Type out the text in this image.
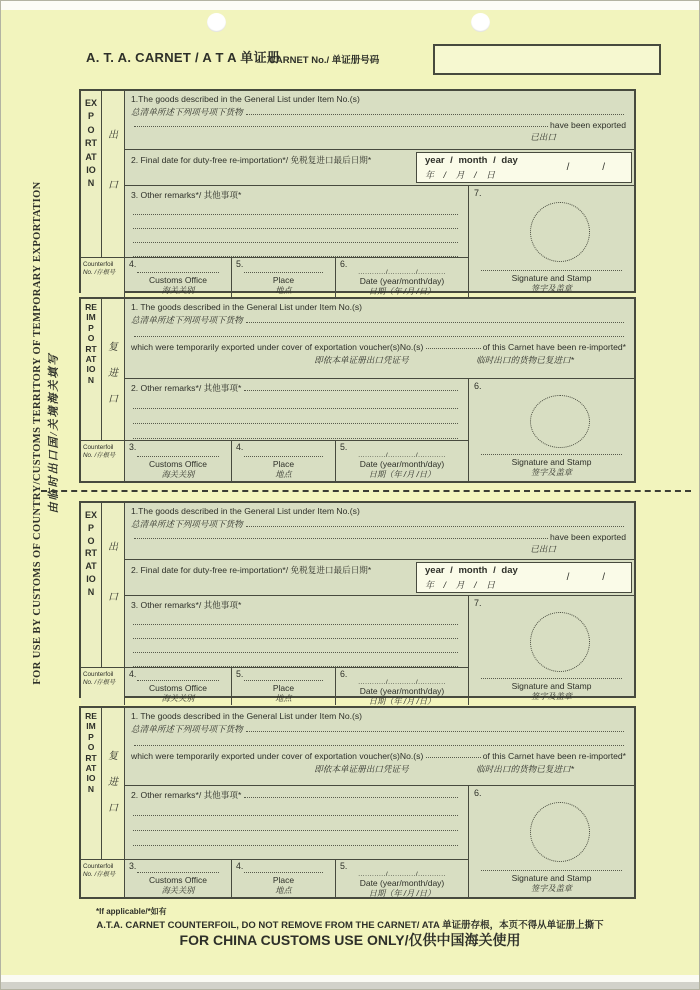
A. T. A. CARNET / A T A 单证册
CARNET No./ 单证册号码
FOR USE BY CUSTOMS OF COUNTRY/CUSTOMS TERRITORY OF TEMPORARY EXPORTATION 由临时出口国/关境海关填写
EXPORTATION
出口
1.The goods described in the General List under Item No.(s)
总清单所述下列项号项下货物
have been exported
已出口
2. Final date for duty-free re-importation*/ 免税复进口最后日期*	year / month / day
年 / 月 / 日
/ /
3. Other remarks*/ 其他事项*	7.
Signature and Stamp
签字及盖章
Counterfoil
No. /存根号
4.
Customs Office
海关关别
5.
Place
地点
6.
............/............/............
Date (year/month/day)
日期（年 /月 /日）
REIMPORTATION
复进口
1. The goods described in the General List under Item No.(s)
总清单所述下列项号项下货物
which were temporarily exported under cover of exportation voucher(s)No.(s)	of this Carnet have been re-imported*
即依本单证册出口凭证号	临时出口的货物已复进口*
2. Other remarks*/ 其他事项*	6.
Signature and Stamp
签字及盖章
Counterfoil
No. /存根号
3.
Customs Office
海关关别
4.
Place
地点
5.
............/............/............
Date (year/month/day)
日期（年 /月 /日）
EXPORTATION
出口
1.The goods described in the General List under Item No.(s)
总清单所述下列项号项下货物
have been exported
已出口
2. Final date for duty-free re-importation*/ 免税复进口最后日期*	year / month / day
年 / 月 / 日
/ /
3. Other remarks*/ 其他事项*	7.
Signature and Stamp
签字及盖章
Counterfoil
No. /存根号
4.
Customs Office
海关关别
5.
Place
地点
6.
............/............/............
Date (year/month/day)
日期（年 /月 /日）
REIMPORTATION
复进口
1. The goods described in the General List under Item No.(s)
总清单所述下列项号项下货物
which were temporarily exported under cover of exportation voucher(s)No.(s)	of this Carnet have been re-imported*
即依本单证册出口凭证号	临时出口的货物已复进口*
2. Other remarks*/ 其他事项*	6.
Signature and Stamp
签字及盖章
Counterfoil
No. /存根号
3.
Customs Office
海关关别
4.
Place
地点
5.
............/............/............
Date (year/month/day)
日期（年 /月 /日）
*If applicable/*如有
A.T.A. CARNET COUNTERFOIL, DO NOT REMOVE FROM THE CARNET/ ATA 单证册存根，本页不得从单证册上撕下
FOR CHINA CUSTOMS USE ONLY/仅供中国海关使用
